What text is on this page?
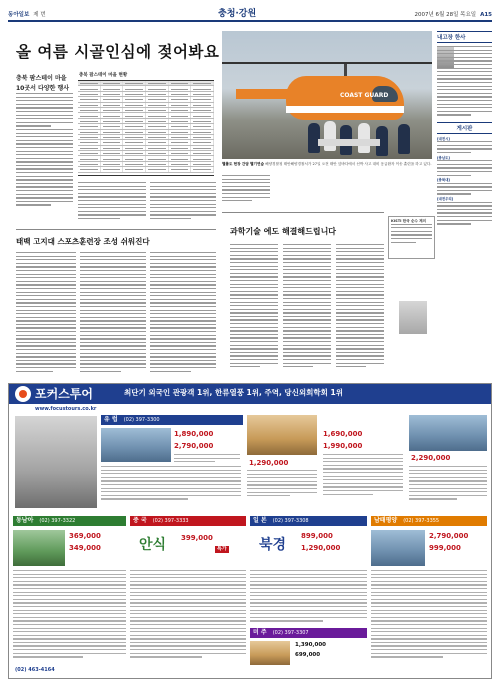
동아일보 제 번	충청·강원	2007년 6월 28일 목요일 A15
올 여름 시골인심에 젖어봐요
충북 팜스테이 마을
10곳서 다양한 행사
충북 팜스테이 마을 현황
태백 고지대 스포츠훈련장 조성 쉬워진다
COAST GUARD
헬륨도 현장 간담 헬기연습 해양경찰청 태안해양경찰서가 27일 오전 태안 앞바다에서 선박 사고 대비 응급환자 이송 훈련을 하고 있다.
내고장 한사
게시판
[대전시]
[충남도]
[충북대]
[대전우리]
과학기술 에도 해결해드립니다
KISTI 한국 순수 제의
포커스투어	최단기 외국인 관광객 1위, 한류열풍 1위, 주역, 당신외회학회 1위
www.focustours.co.kr
유 럽 (02) 397-3300
1,890,000
2,790,000
1,290,000
1,690,000
1,990,000
2,290,000
동남아 (02) 397-3322	중 국 (02) 397-3333	일 본 (02) 397-3308	남태평양 (02) 397-3355
369,000
349,000	안식 399,000
특가 북경
899,000
1,290,000
2,790,000
999,000
미 주 (02) 397-3307
1,390,000
699,000
(02) 463-4164
